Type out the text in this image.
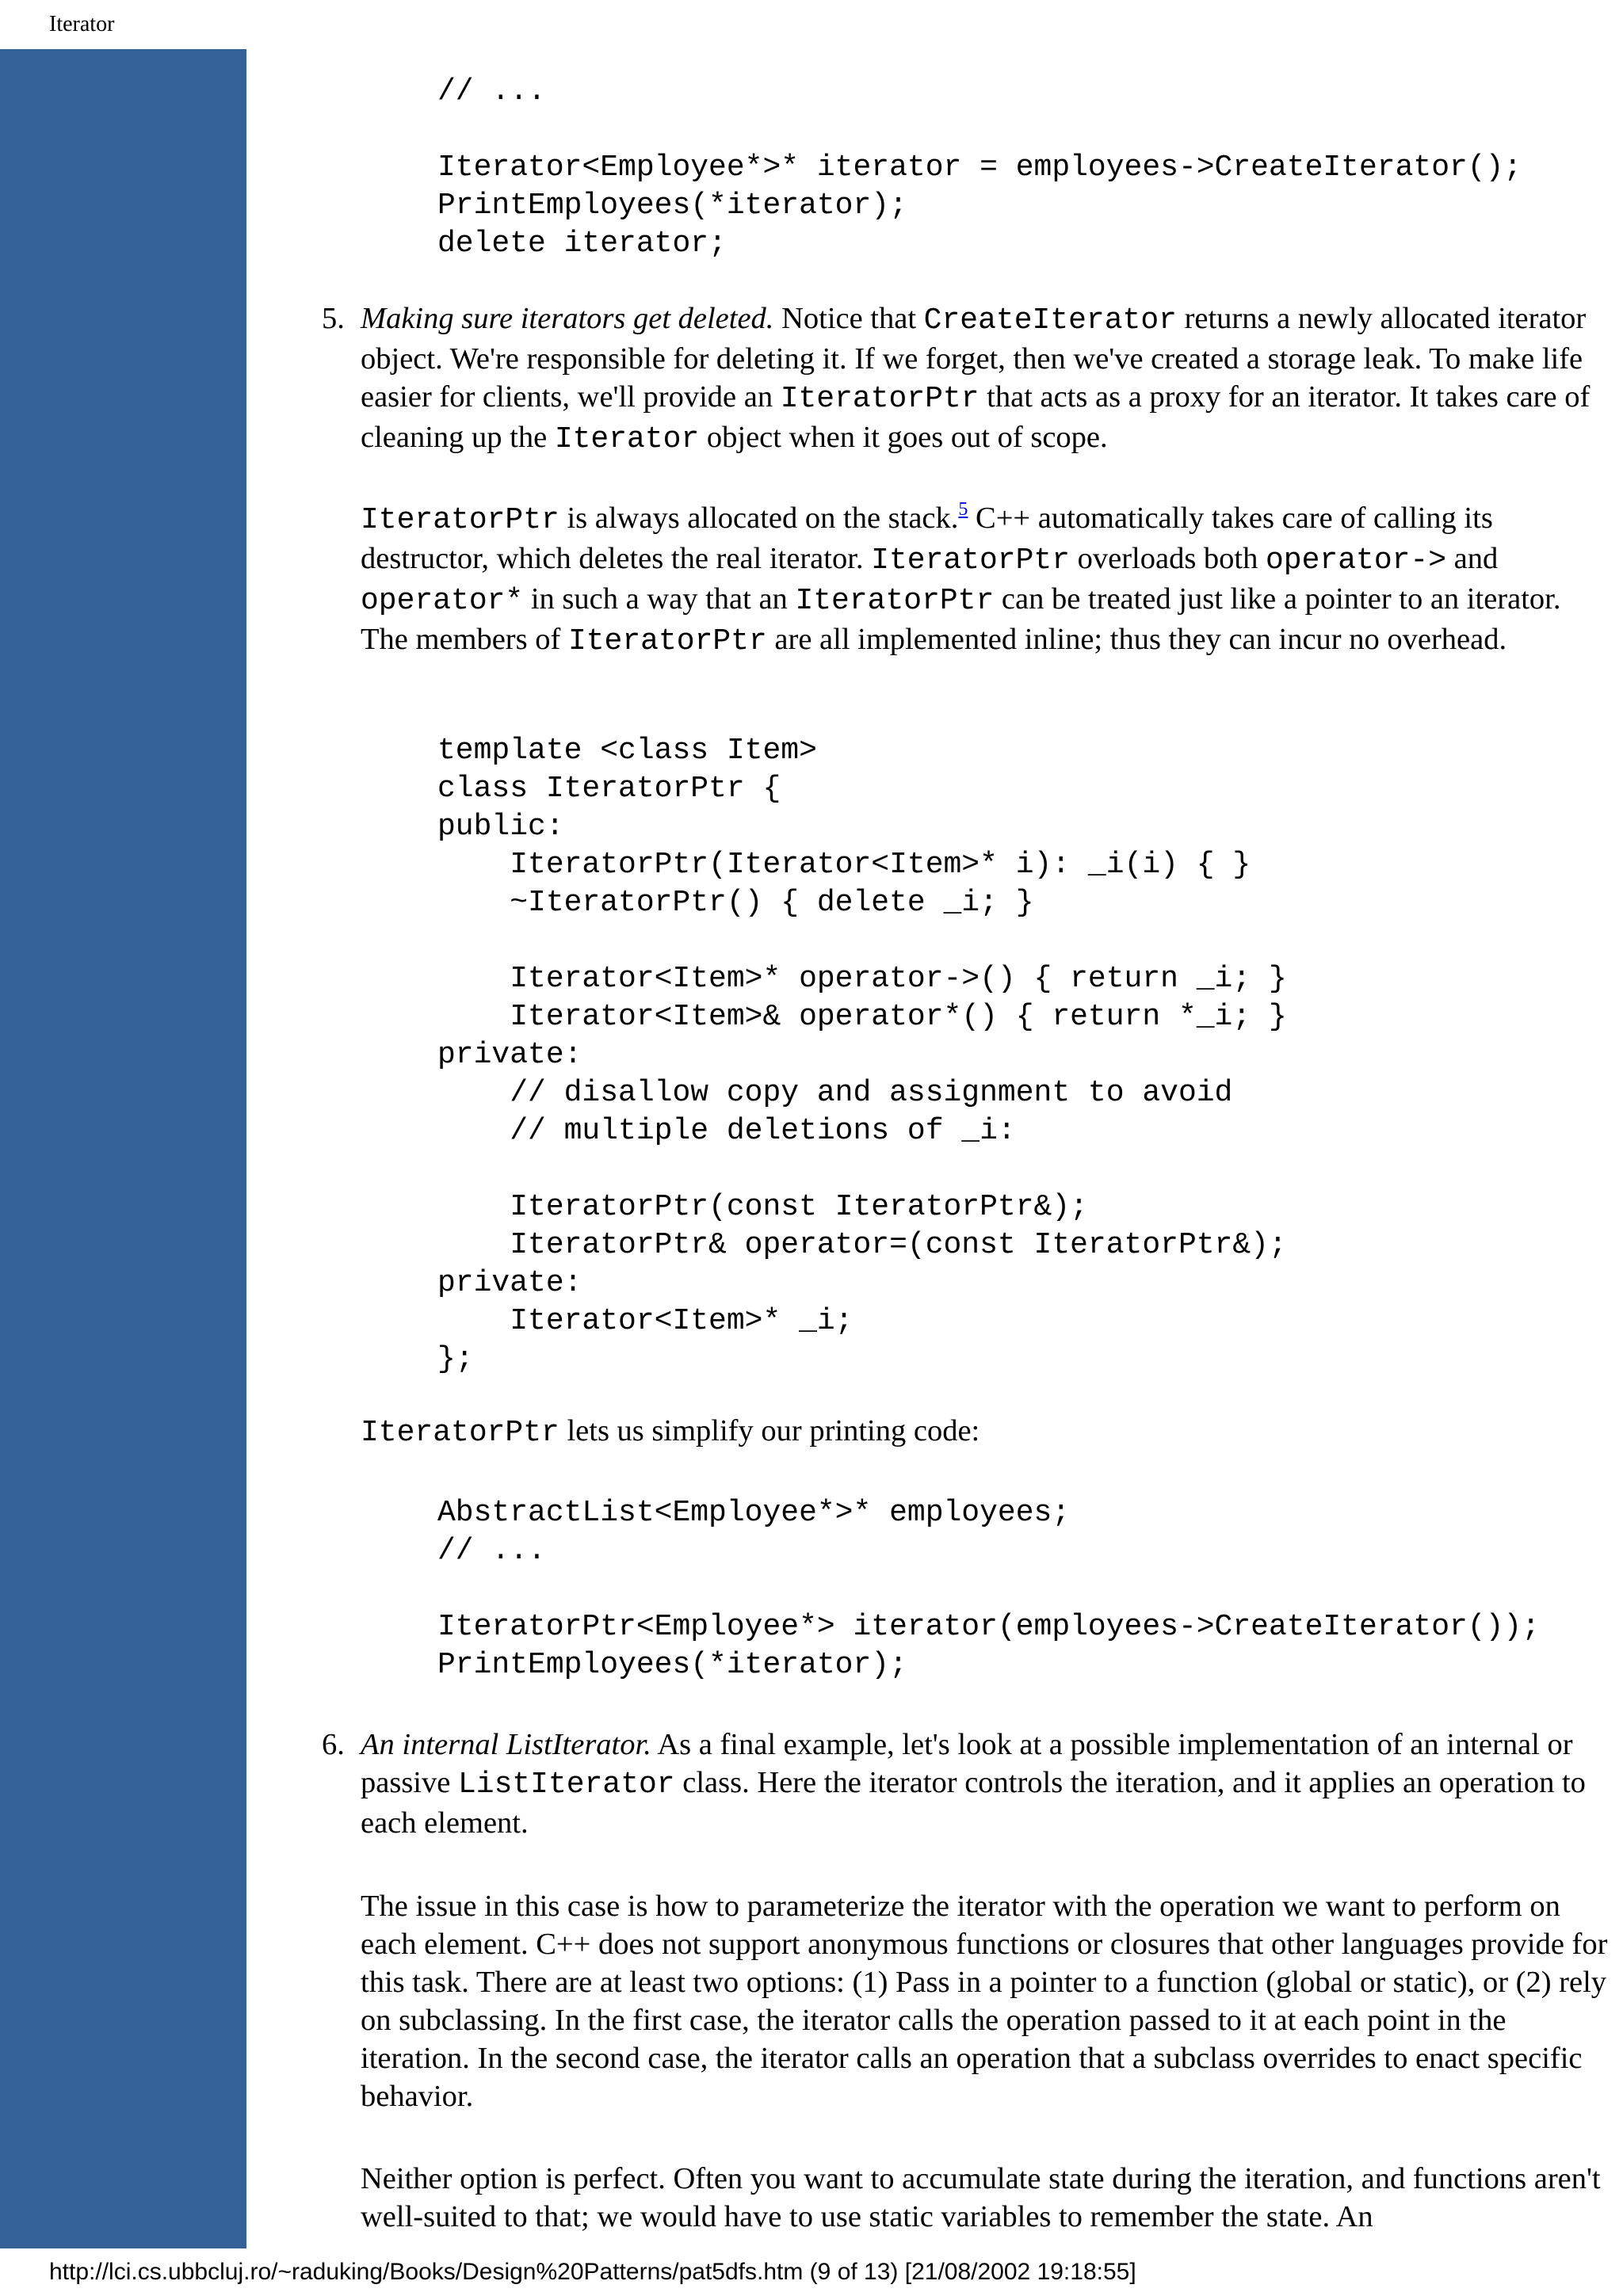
Iterator
// ...

Iterator<Employee*>* iterator = employees->CreateIterator();
PrintEmployees(*iterator);
delete iterator;
5. Making sure iterators get deleted. Notice that CreateIterator returns a newly allocated iterator object. We're responsible for deleting it. If we forget, then we've created a storage leak. To make life easier for clients, we'll provide an IteratorPtr that acts as a proxy for an iterator. It takes care of cleaning up the Iterator object when it goes out of scope.

IteratorPtr is always allocated on the stack.$^5$ C++ automatically takes care of calling its destructor, which deletes the real iterator. IteratorPtr overloads both operator-> and operator* in such a way that an IteratorPtr can be treated just like a pointer to an iterator. The members of IteratorPtr are all implemented inline; thus they can incur no overhead.

template <class Item>
class IteratorPtr {
public:
IteratorPtr(Iterator<Item>* i): _i(i) { }
~IteratorPtr() { delete _i; }

Iterator<Item>* operator->() { return _i; }
Iterator<Item>& operator*() { return *_i; }
private:
// disallow copy and assignment to avoid
// multiple deletions of _i:

IteratorPtr(const IteratorPtr&);
IteratorPtr& operator=(const IteratorPtr&);
private:
Iterator<Item>* _i;
};

IteratorPtr lets us simplify our printing code:

AbstractList<Employee*>* employees;
// ...

IteratorPtr<Employee*> iterator(employees->CreateIterator());
PrintEmployees(*iterator);
6. An internal ListIterator. As a final example, let's look at a possible implementation of an internal or passive ListIterator class. Here the iterator controls the iteration, and it applies an operation to each element.

The issue in this case is how to parameterize the iterator with the operation we want to perform on each element. C++ does not support anonymous functions or closures that other languages provide for this task. There are at least two options: (1) Pass in a pointer to a function (global or static), or (2) rely on subclassing. In the first case, the iterator calls the operation passed to it at each point in the iteration. In the second case, the iterator calls an operation that a subclass overrides to enact specific behavior.

Neither option is perfect. Often you want to accumulate state during the iteration, and functions aren't well-suited to that; we would have to use static variables to remember the state. An

http://lci.cs.ubbcluj.ro/~raduking/Books/Design%20Patterns/pat5dfs.htm (9 of 13) [21/08/2002 19:18:55]
